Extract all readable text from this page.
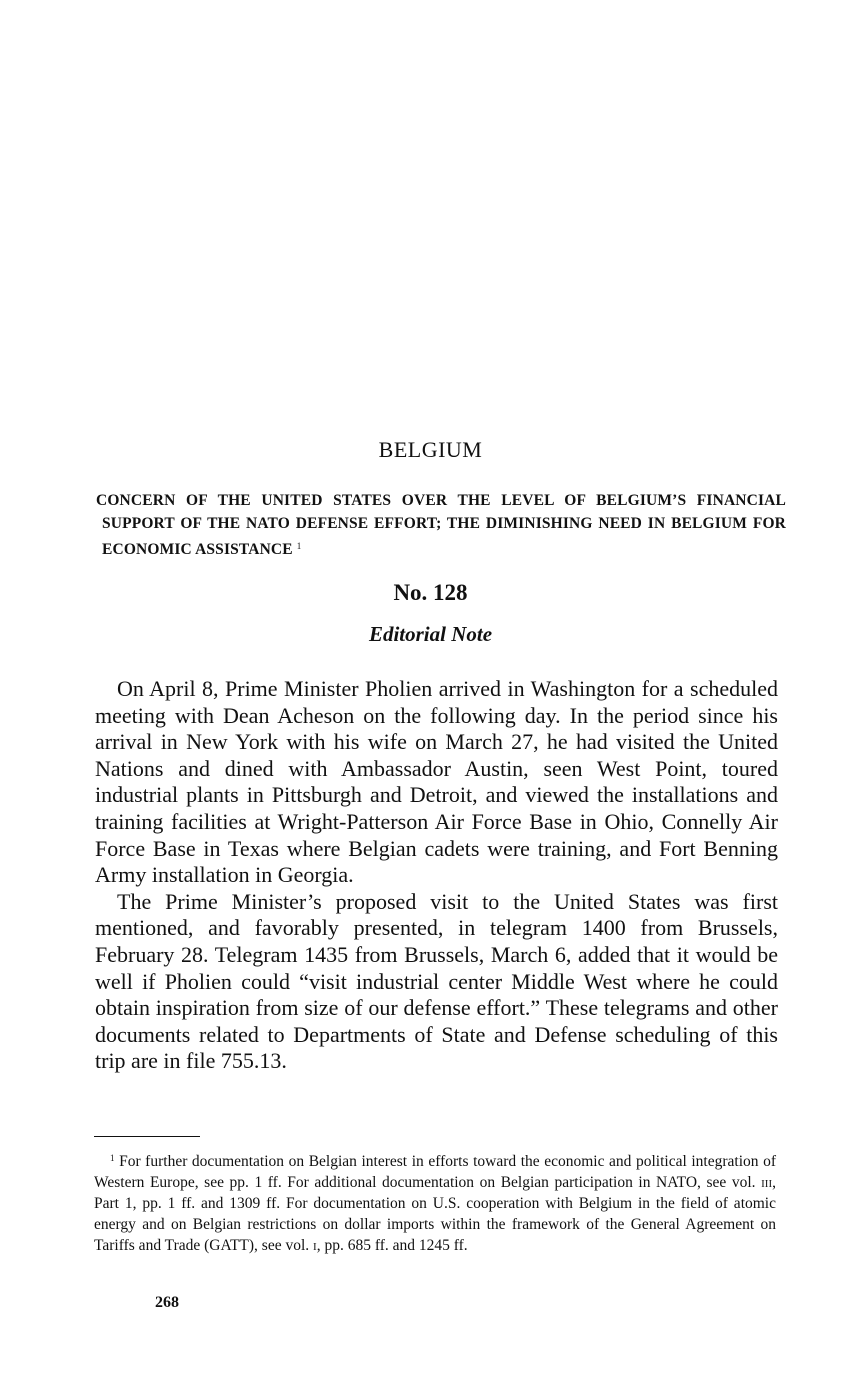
BELGIUM

CONCERN OF THE UNITED STATES OVER THE LEVEL OF BELGIUM’S FINANCIAL SUPPORT OF THE NATO DEFENSE EFFORT; THE DIMINISHING NEED IN BELGIUM FOR ECONOMIC ASSISTANCE $^1$

No. 128
Editorial Note

On April 8, Prime Minister Pholien arrived in Washington for a scheduled meeting with Dean Acheson on the following day. In the period since his arrival in New York with his wife on March 27, he had visited the United Nations and dined with Ambassador Austin, seen West Point, toured industrial plants in Pittsburgh and Detroit, and viewed the installations and training facilities at Wright-Patterson Air Force Base in Ohio, Connelly Air Force Base in Texas where Belgian cadets were training, and Fort Benning Army installation in Georgia.

The Prime Minister’s proposed visit to the United States was first mentioned, and favorably presented, in telegram 1400 from Brussels, February 28. Telegram 1435 from Brussels, March 6, added that it would be well if Pholien could “visit industrial center Middle West where he could obtain inspiration from size of our defense effort.” These telegrams and other documents related to Departments of State and Defense scheduling of this trip are in file 755.13.

$^1$ For further documentation on Belgian interest in efforts toward the economic and political integration of Western Europe, see pp. 1 ff. For additional documentation on Belgian participation in NATO, see vol. iii, Part 1, pp. 1 ff. and 1309 ff. For documentation on U.S. cooperation with Belgium in the field of atomic energy and on Belgian restrictions on dollar imports within the framework of the General Agreement on Tariffs and Trade (GATT), see vol. i, pp. 685 ff. and 1245 ff.

268
